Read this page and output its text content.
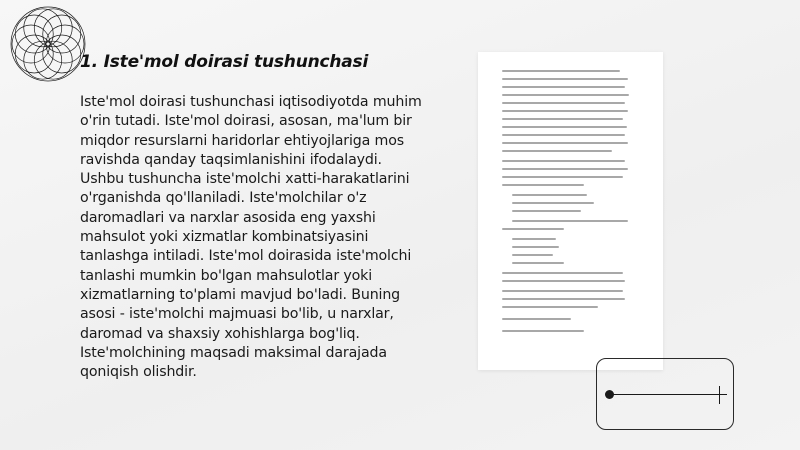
1. Iste'mol doirasi tushunchasi

Iste'mol doirasi tushunchasi iqtisodiyotda muhim o'rin tutadi. Iste'mol doirasi, asosan, ma'lum bir miqdor resurslarni haridorlar ehtiyojlariga mos ravishda qanday taqsimlanishini ifodalaydi. Ushbu tushuncha iste'molchi xatti-harakatlarini o'rganishda qo'llaniladi. Iste'molchilar o'z daromadlari va narxlar asosida eng yaxshi mahsulot yoki xizmatlar kombinatsiyasini tanlashga intiladi. Iste'mol doirasida iste'molchi tanlashi mumkin bo'lgan mahsulotlar yoki xizmatlarning to'plami mavjud bo'ladi. Buning asosi - iste'molchi majmuasi bo'lib, u narxlar, daromad va shaxsiy xohishlarga bog'liq. Iste'molchining maqsadi maksimal darajada qoniqish olishdir.
